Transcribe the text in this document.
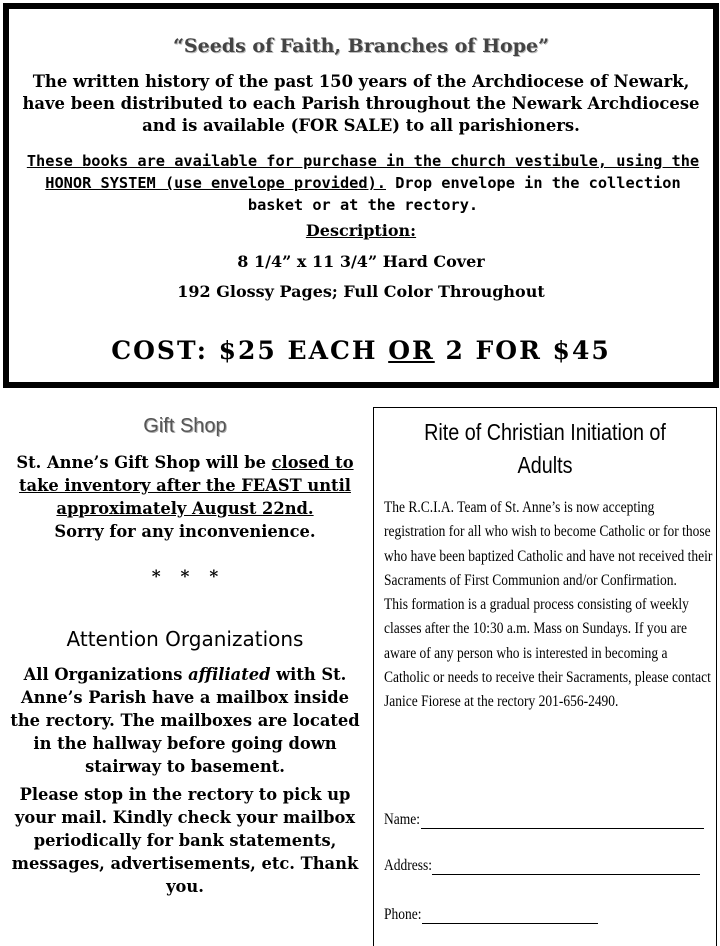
“Seeds of Faith, Branches of Hope”
The written history of the past 150 years of the Archdiocese of Newark, have been distributed to each Parish throughout the Newark Archdiocese and is available (FOR SALE) to all parishioners.
These books are available for purchase in the church vestibule, using the HONOR SYSTEM (use envelope provided). Drop envelope in the collection basket or at the rectory.
Description:
8 1/4” x 11 3/4” Hard Cover
192 Glossy Pages; Full Color Throughout
COST: $25 EACH OR 2 FOR $45
Gift Shop
St. Anne’s Gift Shop will be closed to take inventory after the FEAST until approximately August 22nd.
Sorry for any inconvenience.
* * *
Attention Organizations
All Organizations affiliated with St. Anne’s Parish have a mailbox inside the rectory. The mailboxes are located in the hallway before going down stairway to basement.
Please stop in the rectory to pick up your mail. Kindly check your mailbox periodically for bank statements, messages, advertisements, etc. Thank you.
Rite of Christian Initiation of
Adults
The R.C.I.A. Team of St. Anne’s is now accepting registration for all who wish to become Catholic or for those who have been baptized Catholic and have not received their Sacraments of First Communion and/or Confirmation.
This formation is a gradual process consisting of weekly classes after the 10:30 a.m. Mass on Sundays. If you are aware of any person who is interested in becoming a Catholic or needs to receive their Sacraments, please contact Janice Fiorese at the rectory 201-656-2490.
Name:
Address:
Phone:
